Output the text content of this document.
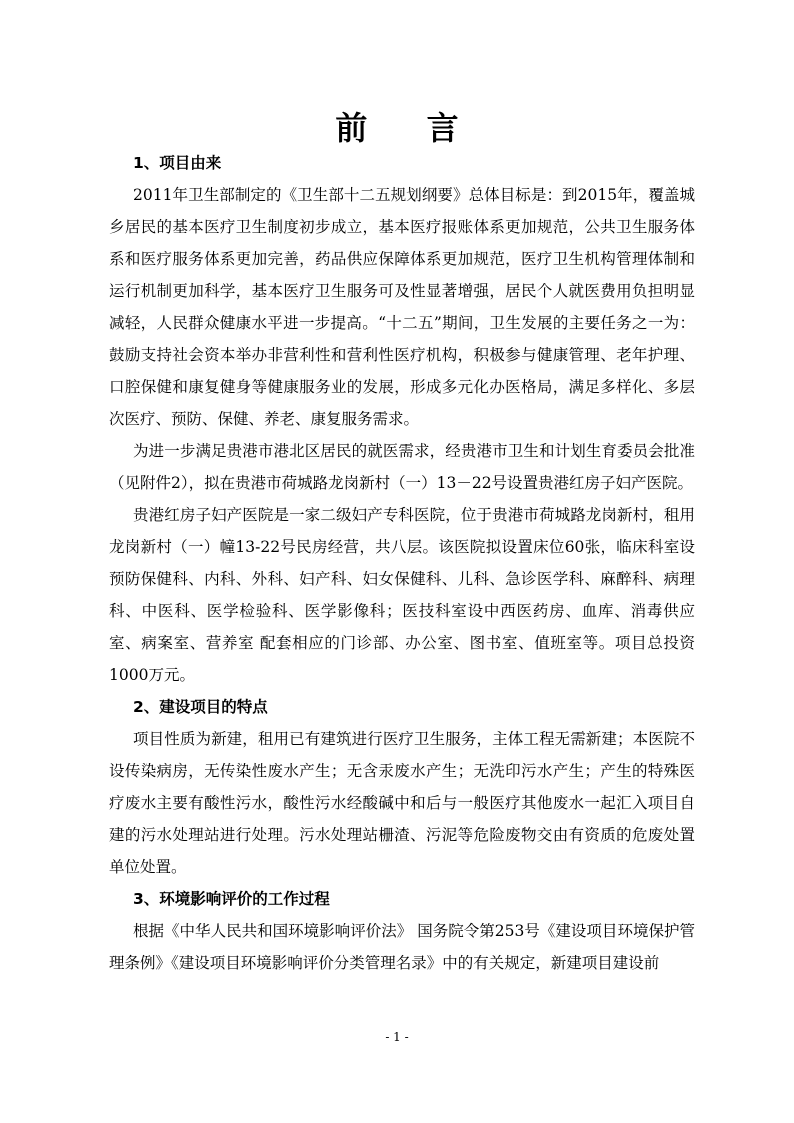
前 言
1、项目由来

2011年卫生部制定的《卫生部十二五规划纲要》总体目标是：到2015年，覆盖城乡居民的基本医疗卫生制度初步成立，基本医疗报账体系更加规范，公共卫生服务体系和医疗服务体系更加完善，药品供应保障体系更加规范，医疗卫生机构管理体制和运行机制更加科学，基本医疗卫生服务可及性显著增强，居民个人就医费用负担明显减轻，人民群众健康水平进一步提高。“十二五”期间，卫生发展的主要任务之一为：鼓励支持社会资本举办非营利性和营利性医疗机构，积极参与健康管理、老年护理、口腔保健和康复健身等健康服务业的发展，形成多元化办医格局，满足多样化、多层次医疗、预防、保健、养老、康复服务需求。

为进一步满足贵港市港北区居民的就医需求，经贵港市卫生和计划生育委员会批准（见附件2），拟在贵港市荷城路龙岗新村（一）13－22号设置贵港红房子妇产医院。

贵港红房子妇产医院是一家二级妇产专科医院，位于贵港市荷城路龙岗新村，租用龙岗新村（一）幢13-22号民房经营，共八层。该医院拟设置床位60张，临床科室设预防保健科、内科、外科、妇产科、妇女保健科、儿科、急诊医学科、麻醉科、病理科、中医科、医学检验科、医学影像科；医技科室设中西医药房、血库、消毒供应室、病案室、营养室 配套相应的门诊部、办公室、图书室、值班室等。项目总投资1000万元。

2、建设项目的特点

项目性质为新建，租用已有建筑进行医疗卫生服务，主体工程无需新建；本医院不设传染病房，无传染性废水产生；无含汞废水产生；无洗印污水产生；产生的特殊医疗废水主要有酸性污水，酸性污水经酸碱中和后与一般医疗其他废水一起汇入项目自建的污水处理站进行处理。污水处理站栅渣、污泥等危险废物交由有资质的危废处置单位处置。

3、环境影响评价的工作过程

根据《中华人民共和国环境影响评价法》 国务院令第253号《建设项目环境保护管理条例》《建设项目环境影响评价分类管理名录》中的有关规定，新建项目建设前

- 1 -
